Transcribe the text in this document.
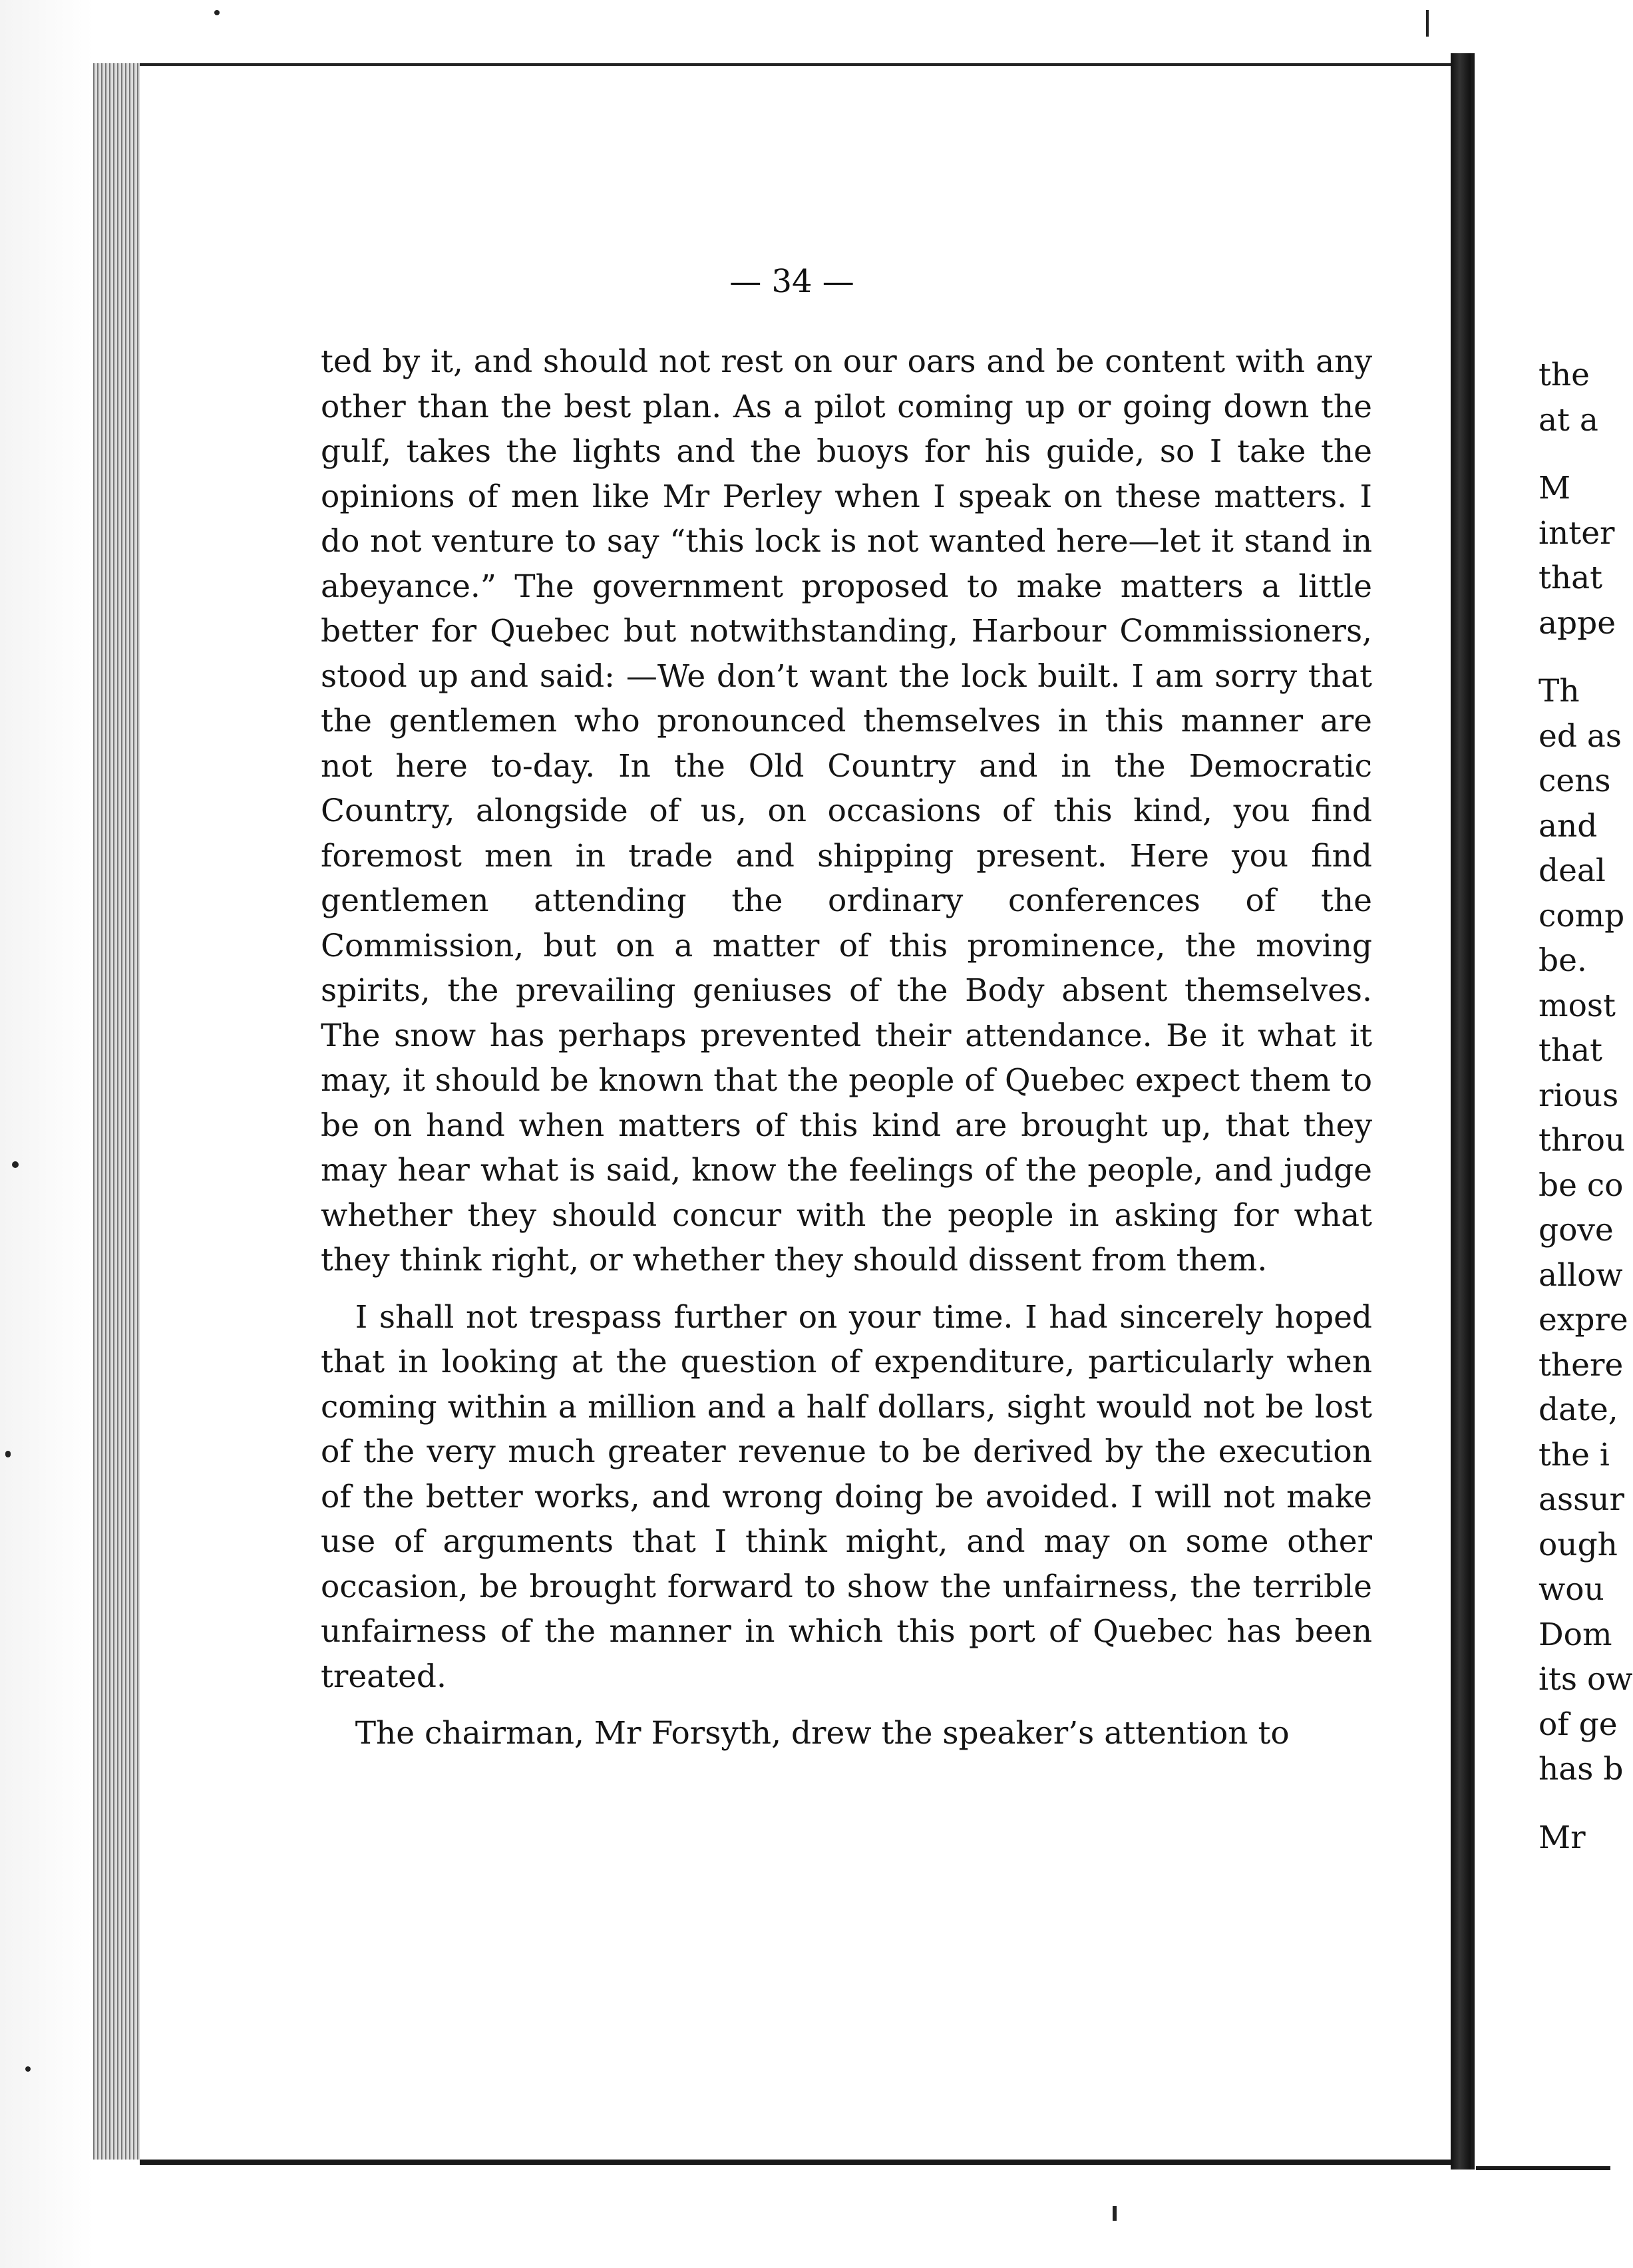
— 34 —

ted by it, and should not rest on our oars and be content with any other than the best plan. As a pilot coming up or going down the gulf, takes the lights and the buoys for his guide, so I take the opinions of men like Mr Perley when I speak on these matters. I do not venture to say “this lock is not wanted here—let it stand in abeyance.” The government proposed to make matters a little better for Quebec but notwithstanding, Harbour Commissioners, stood up and said: —We don’t want the lock built. I am sorry that the gentlemen who pronounced themselves in this manner are not here to-day. In the Old Country and in the Democratic Country, alongside of us, on occasions of this kind, you find foremost men in trade and shipping present. Here you find gentlemen attending the ordinary conferences of the Commission, but on a matter of this prominence, the moving spirits, the prevailing geniuses of the Body absent themselves. The snow has perhaps prevented their attendance. Be it what it may, it should be known that the people of Quebec expect them to be on hand when matters of this kind are brought up, that they may hear what is said, know the feelings of the people, and judge whether they should concur with the people in asking for what they think right, or whether they should dissent from them.

I shall not trespass further on your time. I had sincerely hoped that in looking at the question of expenditure, particularly when coming within a million and a half dollars, sight would not be lost of the very much greater revenue to be derived by the execution of the better works, and wrong doing be avoided. I will not make use of arguments that I think might, and may on some other occasion, be brought forward to show the unfairness, the terrible unfairness of the manner in which this port of Quebec has been treated.

The chairman, Mr Forsyth, drew the speaker’s attention to

the
at a
M
inter
that
appe
Th
ed as
cens
and
deal
comp
be.
most
that
rious
throu
be co
gove
allow
expre
there
date,
the i
assur
ough
wou
Dom
its ow
of ge
has b
Mr
